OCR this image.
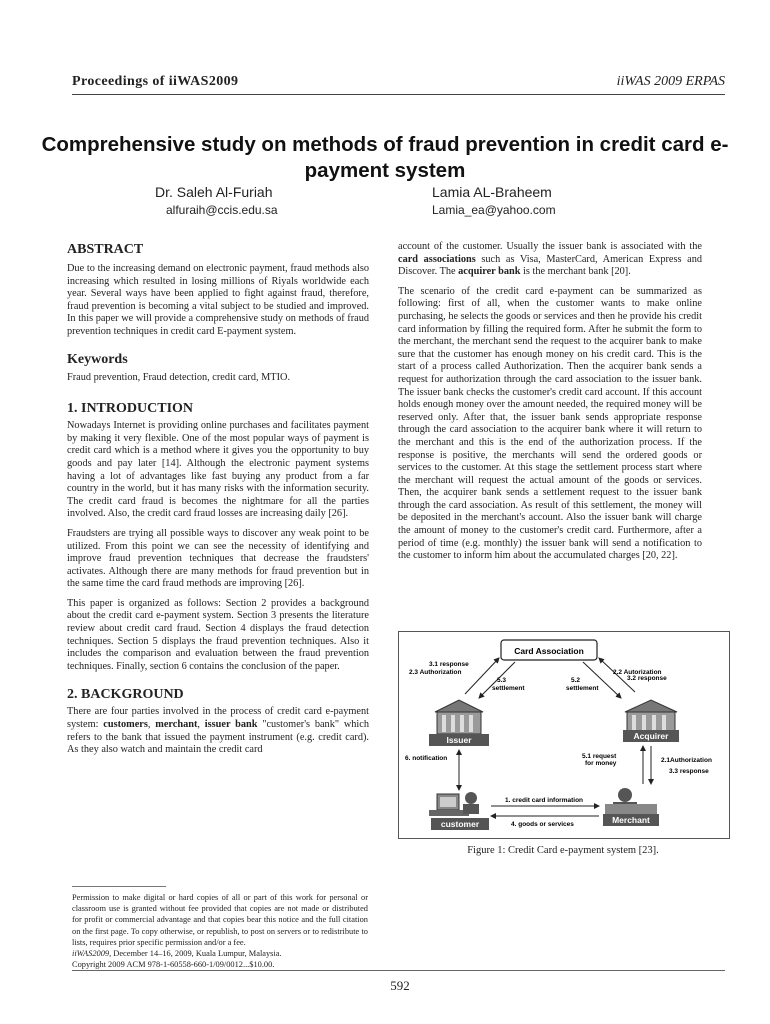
Proceedings of iiWAS2009	iiWAS 2009 ERPAS
Comprehensive study on methods of fraud prevention in credit card e-payment system
Dr. Saleh Al-Furiah
alfuraih@ccis.edu.sa
Lamia AL-Braheem
Lamia_ea@yahoo.com
ABSTRACT

Due to the increasing demand on electronic payment, fraud methods also increasing which resulted in losing millions of Riyals worldwide each year. Several ways have been applied to fight against fraud, therefore, fraud prevention is becoming a vital subject to be studied and improved. In this paper we will provide a comprehensive study on methods of fraud prevention techniques in credit card E-payment system.

Keywords

Fraud prevention, Fraud detection, credit card, MTIO.

1. INTRODUCTION

Nowadays Internet is providing online purchases and facilitates payment by making it very flexible. One of the most popular ways of payment is credit card which is a method where it gives you the opportunity to buy goods and pay later [14]. Although the electronic payment systems having a lot of advantages like fast buying any product from a far country in the world, but it has many risks with the information security. The credit card fraud is becomes the nightmare for all the parties involved. Also, the credit card fraud losses are increasing daily [26].

Fraudsters are trying all possible ways to discover any weak point to be utilized. From this point we can see the necessity of identifying and improve fraud prevention techniques that decrease the fraudsters' activates. Although there are many methods for fraud prevention but in the same time the card fraud methods are improving [26].

This paper is organized as follows: Section 2 provides a background about the credit card e-payment system. Section 3 presents the literature review about credit card fraud. Section 4 displays the fraud detection techniques. Section 5 displays the fraud prevention techniques. Also it includes the comparison and evaluation between the fraud prevention techniques. Finally, section 6 contains the conclusion of the paper.

2. BACKGROUND

There are four parties involved in the process of credit card e-payment system: customers, merchant, issuer bank "customer's bank" which refers to the bank that issued the payment instrument (e.g. credit card). As they also watch and maintain the credit card

Permission to make digital or hard copies of all or part of this work for personal or classroom use is granted without fee provided that copies are not made or distributed for profit or commercial advantage and that copies bear this notice and the full citation on the first page. To copy otherwise, or republish, to post on servers or to redistribute to lists, requires prior specific permission and/or a fee.
iiWAS2009, December 14–16, 2009, Kuala Lumpur, Malaysia.
Copyright 2009 ACM 978-1-60558-660-1/09/0012...$10.00.

account of the customer. Usually the issuer bank is associated with the card associations such as Visa, MasterCard, American Express and Discover. The acquirer bank is the merchant bank [20].

The scenario of the credit card e-payment can be summarized as following: first of all, when the customer wants to make online purchasing, he selects the goods or services and then he provide his credit card information by filling the required form. After he submit the form to the merchant, the merchant send the request to the acquirer bank to make sure that the customer has enough money on his credit card. This is the start of a process called Authorization. Then the acquirer bank sends a request for authorization through the card association to the issuer bank. The issuer bank checks the customer's credit card account. If this account holds enough money over the amount needed, the required money will be reserved only. After that, the issuer bank sends appropriate response through the card association to the acquirer bank where it will return to the merchant and this is the end of the authorization process. If the response is positive, the merchants will send the ordered goods or services to the customer. At this stage the settlement process start where the merchant will request the actual amount of the goods or services. Then, the acquirer bank sends a settlement request to the issuer bank through the card association. As result of this settlement, the money will be deposited in the merchant's account. Also the issuer bank will charge the amount of money to the customer's credit card. Furthermore, after a period of time (e.g. monthly) the issuer bank will send a notification to the customer to inform him about the accumulated charges [20, 22].

Card Association
Issuer	Acquirer
customer	Merchant
3.1 response
2.3 Authorization
5.3
settlement
5.2
settlement
2.2 Autorization
3.2 response
6. notification	5.1 request
for money	2.1Authorization
3.3 response
1. credit card information
4. goods or services
Figure 1: Credit Card e-payment system [23].
592
